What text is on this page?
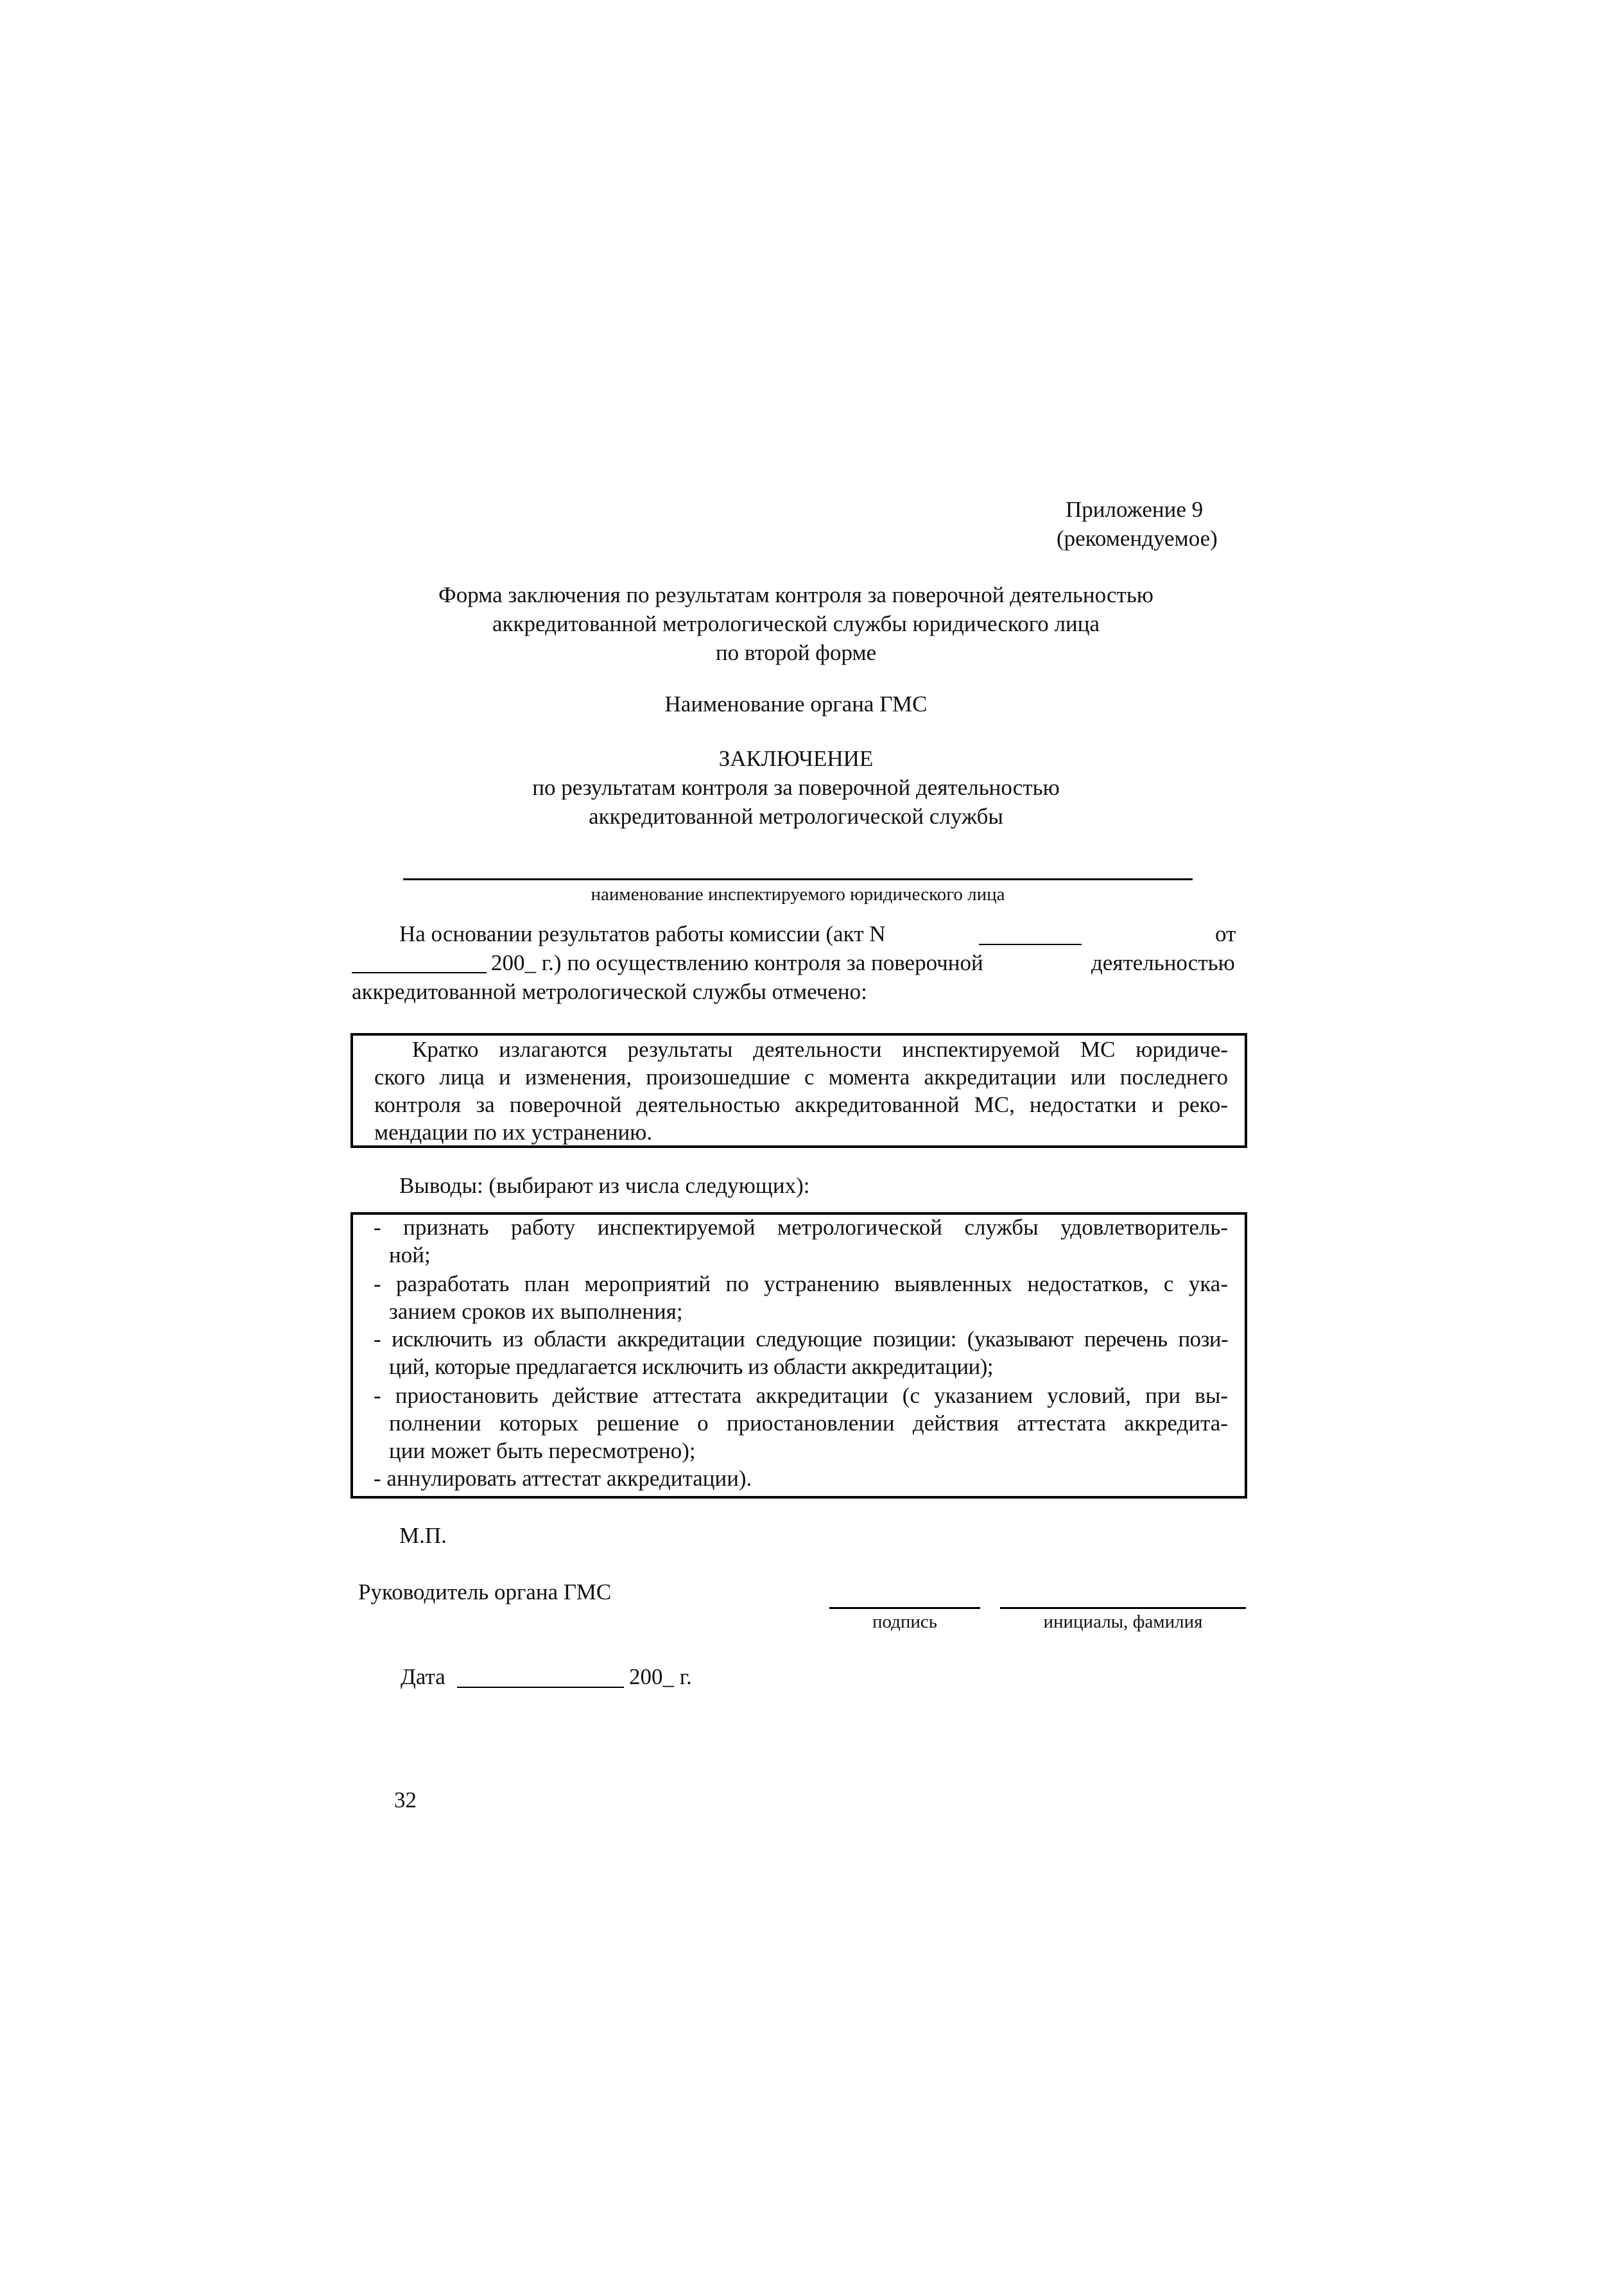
Приложение 9
(рекомендуемое)
Форма заключения по результатам контроля за поверочной деятельностью
аккредитованной метрологической службы юридического лица
по второй форме
Наименование органа ГМС
ЗАКЛЮЧЕНИЕ
по результатам контроля за поверочной деятельностью
аккредитованной метрологической службы
наименование инспектируемого юридического лица
На основании результатов работы комиссии (акт N	от
200_ г.) по осуществлению контроля за поверочной	деятельностью
аккредитованной метрологической службы отмечено:
Кратко излагаются результаты деятельности инспектируемой МС юридиче-
ского лица и изменения, произошедшие с момента аккредитации или последнего
контроля за поверочной деятельностью аккредитованной МС, недостатки и реко-
мендации по их устранению.
Выводы: (выбирают из числа следующих):
- признать работу инспектируемой метрологической службы удовлетворитель-
ной;
- разработать план мероприятий по устранению выявленных недостатков, с ука-
занием сроков их выполнения;
- исключить из области аккредитации следующие позиции: (указывают перечень пози-
ций, которые предлагается исключить из области аккредитации);
- приостановить действие аттестата аккредитации (с указанием условий, при вы-
полнении которых решение о приостановлении действия аттестата аккредита-
ции может быть пересмотрено);
- аннулировать аттестат аккредитации).
М.П.
Руководитель органа ГМС
подпись	инициалы, фамилия
Дата	200_ г.
32
